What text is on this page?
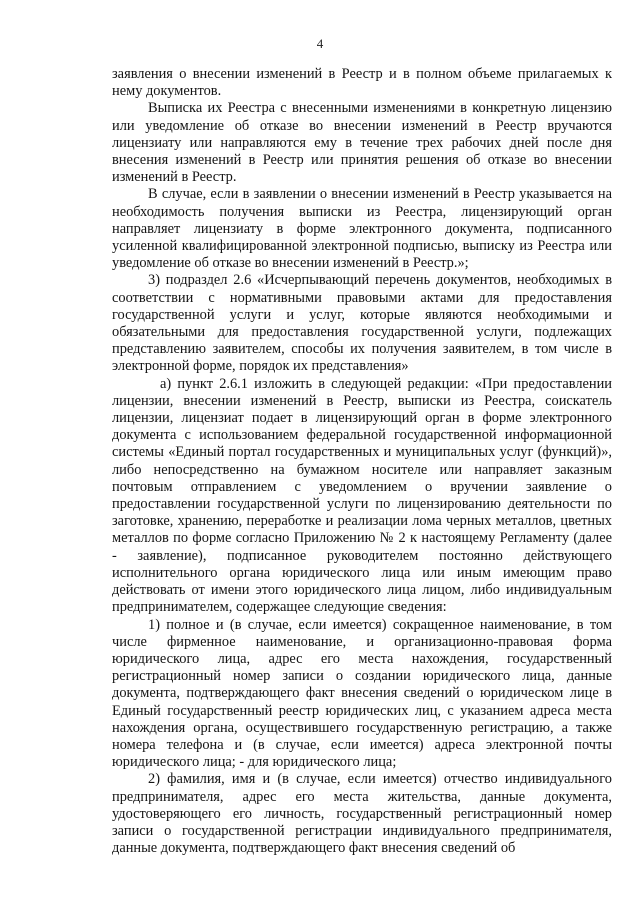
4

заявления о внесении изменений в Реестр и в полном объеме прилагаемых к нему документов.

Выписка их Реестра с внесенными изменениями в конкретную лицензию или уведомление об отказе во внесении изменений в Реестр вручаются лицензиату или направляются ему в течение трех рабочих дней после дня внесения изменений в Реестр или принятия решения об отказе во внесении изменений в Реестр.

В случае, если в заявлении о внесении изменений в Реестр указывается на необходимость получения выписки из Реестра, лицензирующий орган направляет лицензиату в форме электронного документа, подписанного усиленной квалифицированной электронной подписью, выписку из Реестра или уведомление об отказе во внесении изменений в Реестр.»;

3) подраздел 2.6 «Исчерпывающий перечень документов, необходимых в соответствии с нормативными правовыми актами для предоставления государственной услуги и услуг, которые являются необходимыми и обязательными для предоставления государственной услуги, подлежащих представлению заявителем, способы их получения заявителем, в том числе в электронной форме, порядок их представления»

а) пункт 2.6.1 изложить в следующей редакции: «При предоставлении лицензии, внесении изменений в Реестр, выписки из Реестра, соискатель лицензии, лицензиат подает в лицензирующий орган в форме электронного документа с использованием федеральной государственной информационной системы «Единый портал государственных и муниципальных услуг (функций)», либо непосредственно на бумажном носителе или направляет заказным почтовым отправлением с уведомлением о вручении заявление о предоставлении государственной услуги по лицензированию деятельности по заготовке, хранению, переработке и реализации лома черных металлов, цветных металлов по форме согласно Приложению № 2 к настоящему Регламенту (далее - заявление), подписанное руководителем постоянно действующего исполнительного органа юридического лица или иным имеющим право действовать от имени этого юридического лица лицом, либо индивидуальным предпринимателем, содержащее следующие сведения:

1) полное и (в случае, если имеется) сокращенное наименование, в том числе фирменное наименование, и организационно-правовая форма юридического лица, адрес его места нахождения, государственный регистрационный номер записи о создании юридического лица, данные документа, подтверждающего факт внесения сведений о юридическом лице в Единый государственный реестр юридических лиц, с указанием адреса места нахождения органа, осуществившего государственную регистрацию, а также номера телефона и (в случае, если имеется) адреса электронной почты юридического лица; - для юридического лица;

2) фамилия, имя и (в случае, если имеется) отчество индивидуального предпринимателя, адрес его места жительства, данные документа, удостоверяющего его личность, государственный регистрационный номер записи о государственной регистрации индивидуального предпринимателя, данные документа, подтверждающего факт внесения сведений об
